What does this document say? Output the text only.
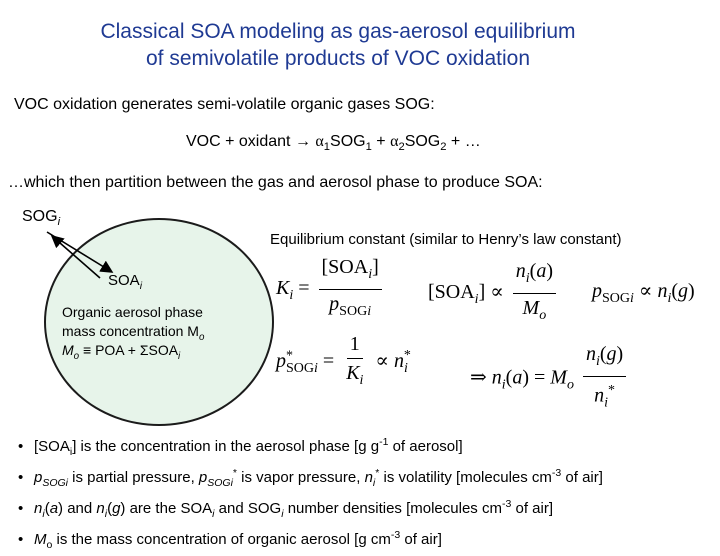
Classical SOA modeling as gas-aerosol equilibrium
of semivolatile products of VOC oxidation
VOC oxidation generates semi-volatile organic gases SOG:
VOC + oxidant → $\alpha_1SOG_1 + \alpha_2SOG_2$ + …
…which then partition between the gas and aerosol phase to produce SOA:
$SOG_i$
$SOA_i$
Organic aerosol phase
mass concentration $M_o$
$M_o$ ≡ POA + $\Sigma SOA_i$
Equilibrium constant (similar to Henry’s law constant)
$K_i = \frac{[SOA_i]}{p_{SOGi}} [SOA_i] \propto \frac{n_i(a)}{M_o} p_{SOGi} \propto n_i(g)$
$p^*_{SOGi} = \frac{1}{K_i} \propto n_i^*$
⇒ $n_i(a) = M_o \frac{n_i(g)}{n_i^*}$
• $[SOA_i]$ is the concentration in the aerosol phase [g $g^{-1}$ of aerosol]
• $p_{SOGi}$ is partial pressure, $p_{SOGi}^*$ is vapor pressure, $n_i^*$ is volatility [molecules $cm^{-3}$ of air]
• $n_i(a)$ and $n_i(g)$ are the $SOA_i$ and $SOG_i$ number densities [molecules $cm^{-3}$ of air]
• $M_o$ is the mass concentration of organic aerosol [g $cm^{-3}$ of air]
